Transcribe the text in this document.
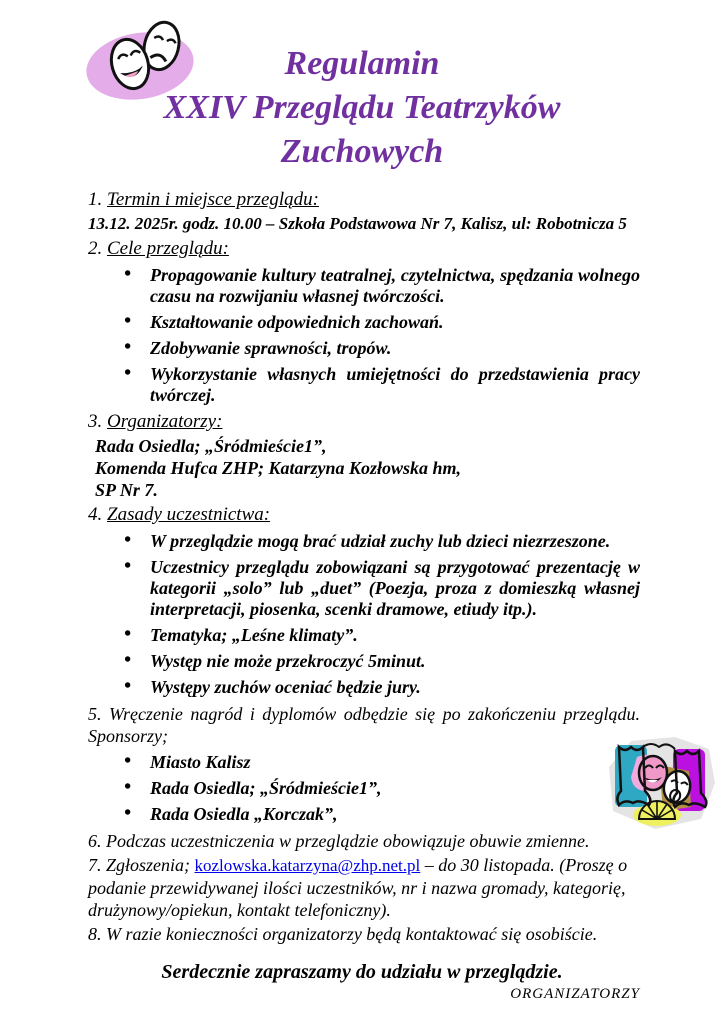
Regulamin
XXIV Przeglądu Teatrzyków
Zuchowych
1. Termin i miejsce przeglądu:
13.12. 2025r. godz. 10.00 – Szkoła Podstawowa Nr 7, Kalisz, ul: Robotnicza 5
2. Cele przeglądu:
• Propagowanie kultury teatralnej, czytelnictwa, spędzania wolnego czasu na rozwijaniu własnej twórczości.
• Kształtowanie odpowiednich zachowań.
• Zdobywanie sprawności, tropów.
• Wykorzystanie własnych umiejętności do przedstawienia pracy twórczej.
3. Organizatorzy:
Rada Osiedla; „Śródmieście1”,
Komenda Hufca ZHP; Katarzyna Kozłowska hm,
SP Nr 7.
4. Zasady uczestnictwa:
• W przeglądzie mogą brać udział zuchy lub dzieci niezrzeszone.
• Uczestnicy przeglądu zobowiązani są przygotować prezentację w kategorii „solo” lub „duet” (Poezja, proza z domieszką własnej interpretacji, piosenka, scenki dramowe, etiudy itp.).
• Tematyka; „Leśne klimaty”.
• Występ nie może przekroczyć 5minut.
• Występy zuchów oceniać będzie jury.
5. Wręczenie nagród i dyplomów odbędzie się po zakończeniu przeglądu. Sponsorzy;
• Miasto Kalisz
• Rada Osiedla; „Śródmieście1”,
• Rada Osiedla „Korczak”,
6. Podczas uczestniczenia w przeglądzie obowiązuje obuwie zmienne.
7. Zgłoszenia; kozlowska.katarzyna@zhp.net.pl – do 30 listopada. (Proszę o podanie przewidywanej ilości uczestników, nr i nazwa gromady, kategorię, drużynowy/opiekun, kontakt telefoniczny).
8. W razie konieczności organizatorzy będą kontaktować się osobiście.
Serdecznie zapraszamy do udziału w przeglądzie.
ORGANIZATORZY
